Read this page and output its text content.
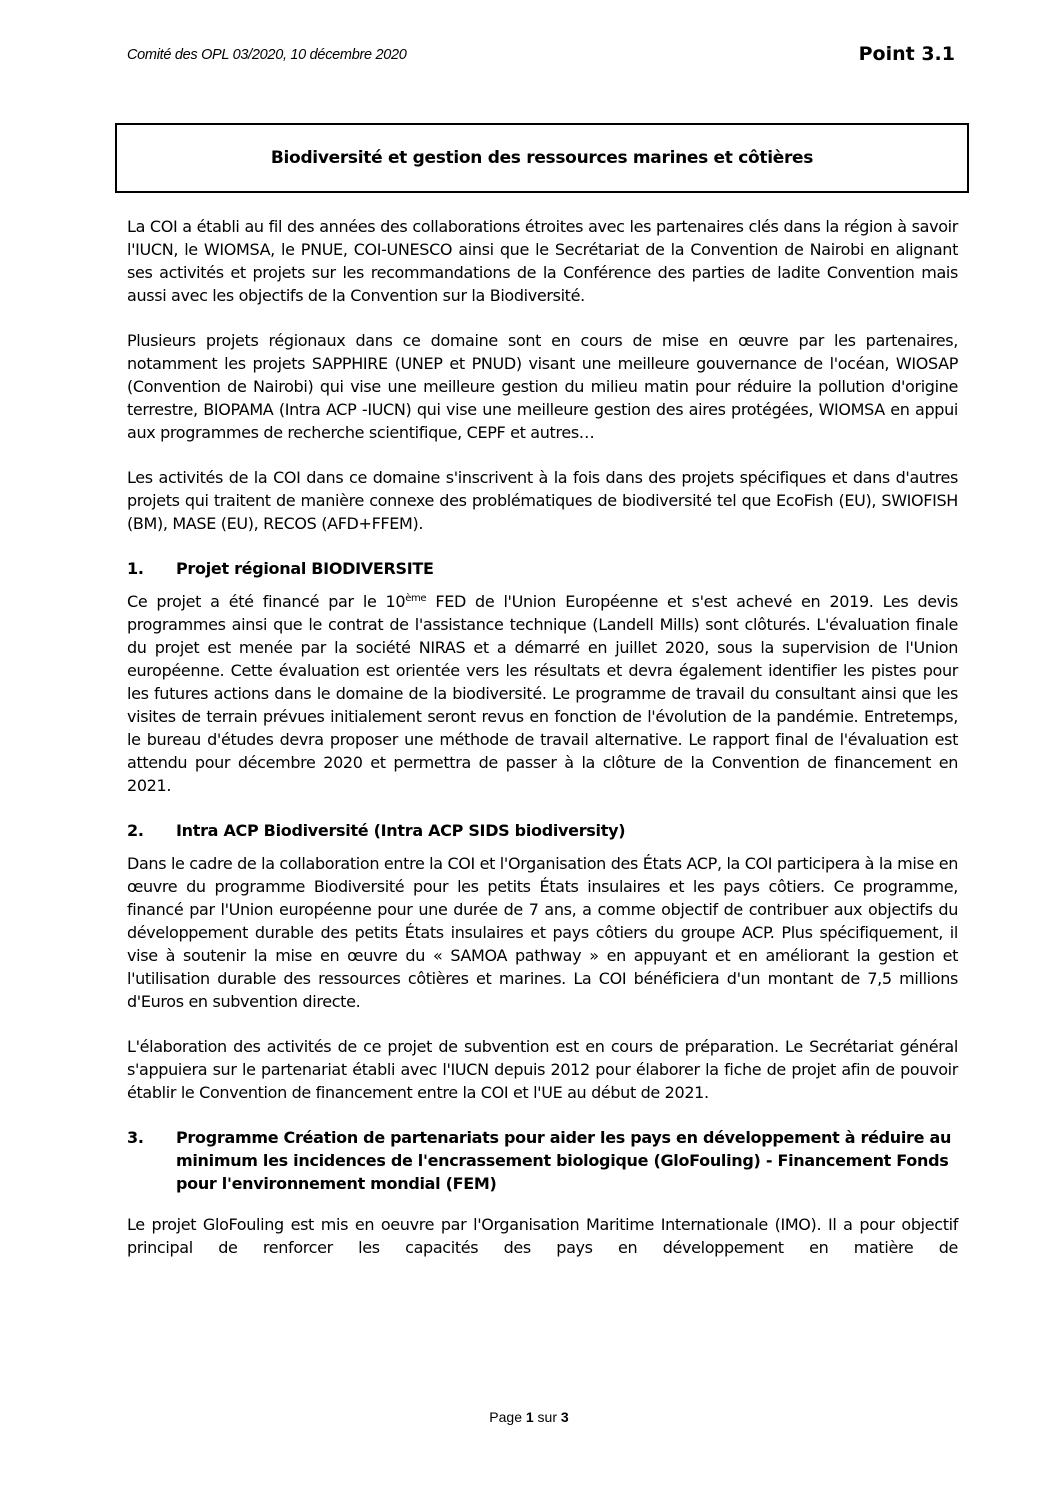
Comité des OPL 03/2020, 10 décembre 2020	Point 3.1
Biodiversité et gestion des ressources marines et côtières

La COI a établi au fil des années des collaborations étroites avec les partenaires clés dans la région à savoir l'IUCN, le WIOMSA, le PNUE, COI-UNESCO ainsi que le Secrétariat de la Convention de Nairobi en alignant ses activités et projets sur les recommandations de la Conférence des parties de ladite Convention mais aussi avec les objectifs de la Convention sur la Biodiversité.

Plusieurs projets régionaux dans ce domaine sont en cours de mise en œuvre par les partenaires, notamment les projets SAPPHIRE (UNEP et PNUD) visant une meilleure gouvernance de l'océan, WIOSAP (Convention de Nairobi) qui vise une meilleure gestion du milieu matin pour réduire la pollution d'origine terrestre, BIOPAMA (Intra ACP -IUCN) qui vise une meilleure gestion des aires protégées, WIOMSA en appui aux programmes de recherche scientifique, CEPF et autres…

Les activités de la COI dans ce domaine s'inscrivent à la fois dans des projets spécifiques et dans d'autres projets qui traitent de manière connexe des problématiques de biodiversité tel que EcoFish (EU), SWIOFISH (BM), MASE (EU), RECOS (AFD+FFEM).

1.	Projet régional BIODIVERSITE

Ce projet a été financé par le 10ème FED de l'Union Européenne et s'est achevé en 2019. Les devis programmes ainsi que le contrat de l'assistance technique (Landell Mills) sont clôturés. L'évaluation finale du projet est menée par la société NIRAS et a démarré en juillet 2020, sous la supervision de l'Union européenne. Cette évaluation est orientée vers les résultats et devra également identifier les pistes pour les futures actions dans le domaine de la biodiversité. Le programme de travail du consultant ainsi que les visites de terrain prévues initialement seront revus en fonction de l'évolution de la pandémie. Entretemps, le bureau d'études devra proposer une méthode de travail alternative. Le rapport final de l'évaluation est attendu pour décembre 2020 et permettra de passer à la clôture de la Convention de financement en 2021.

2.	Intra ACP Biodiversité (Intra ACP SIDS biodiversity)

Dans le cadre de la collaboration entre la COI et l'Organisation des États ACP, la COI participera à la mise en œuvre du programme Biodiversité pour les petits États insulaires et les pays côtiers. Ce programme, financé par l'Union européenne pour une durée de 7 ans, a comme objectif de contribuer aux objectifs du développement durable des petits États insulaires et pays côtiers du groupe ACP. Plus spécifiquement, il vise à soutenir la mise en œuvre du « SAMOA pathway » en appuyant et en améliorant la gestion et l'utilisation durable des ressources côtières et marines. La COI bénéficiera d'un montant de 7,5 millions d'Euros en subvention directe.

L'élaboration des activités de ce projet de subvention est en cours de préparation. Le Secrétariat général s'appuiera sur le partenariat établi avec l'IUCN depuis 2012 pour élaborer la fiche de projet afin de pouvoir établir le Convention de financement entre la COI et l'UE au début de 2021.

3.	Programme Création de partenariats pour aider les pays en développement à réduire au minimum les incidences de l'encrassement biologique (GloFouling) - Financement Fonds pour l'environnement mondial (FEM)

Le projet GloFouling est mis en oeuvre par l'Organisation Maritime Internationale (IMO). Il a pour objectif principal de renforcer les capacités des pays en développement en matière de

Page 1 sur 3
